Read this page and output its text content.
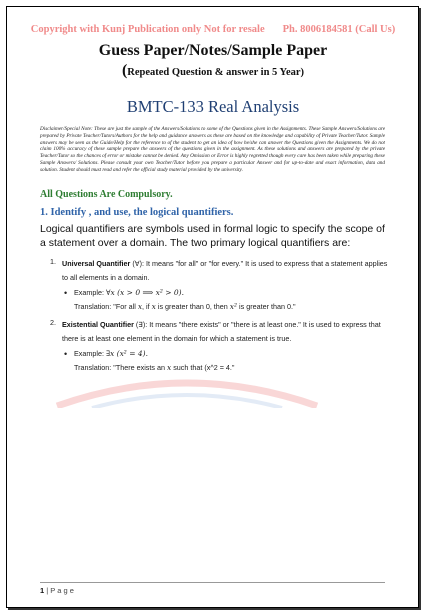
Copyright with Kunj Publication only Not for resale Ph. 8006184581 (Call Us)
Guess Paper/Notes/Sample Paper
(Repeated Question & answer in 5 Year)
BMTC-133 Real Analysis
Disclaimer/Special Note: These are just the sample of the Answers/Solutions to some of the Questions given in the Assignments. These Sample Answers/Solutions are prepared by Private Teacher/Tutors/Authors for the help and guidance answers as these are based on the knowledge and capability of Private Teacher/Tutor. Sample answers may be seen as the Guide/Help for the reference to of the student to get an idea of how he/she can answer the Questions given the Assignments. We do not claim 100% accuracy of these sample prepare the answers of the questions given in the assignment. As these solutions and answers are prepared by the private Teacher/Tutor so the chances of error or mistake cannot be denied. Any Omission or Error is highly regretted though every care has been taken while preparing these Sample Answers/ Solutions. Please consult your own Teacher/Tutor before you prepare a particular Answer and for up-to-date and exact information, data and solution. Student should must read and refer the official study material provided by the university.
All Questions Are Compulsory.
1. Identify , and use, the logical quantifiers.
Logical quantifiers are symbols used in formal logic to specify the scope of a statement over a domain. The two primary logical quantifiers are:
1. Universal Quantifier (∀): It means "for all" or "for every." It is used to express that a statement applies to all elements in a domain.
• Example: ∀x (x > 0 ⟹ x² > 0).
Translation: "For all x, if x is greater than 0, then x² is greater than 0."
2. Existential Quantifier (∃): It means "there exists" or "there is at least one." It is used to express that there is at least one element in the domain for which a statement is true.
• Example: ∃x (x² = 4).
Translation: "There exists an x such that (x^2 = 4."
1 | P a g e
